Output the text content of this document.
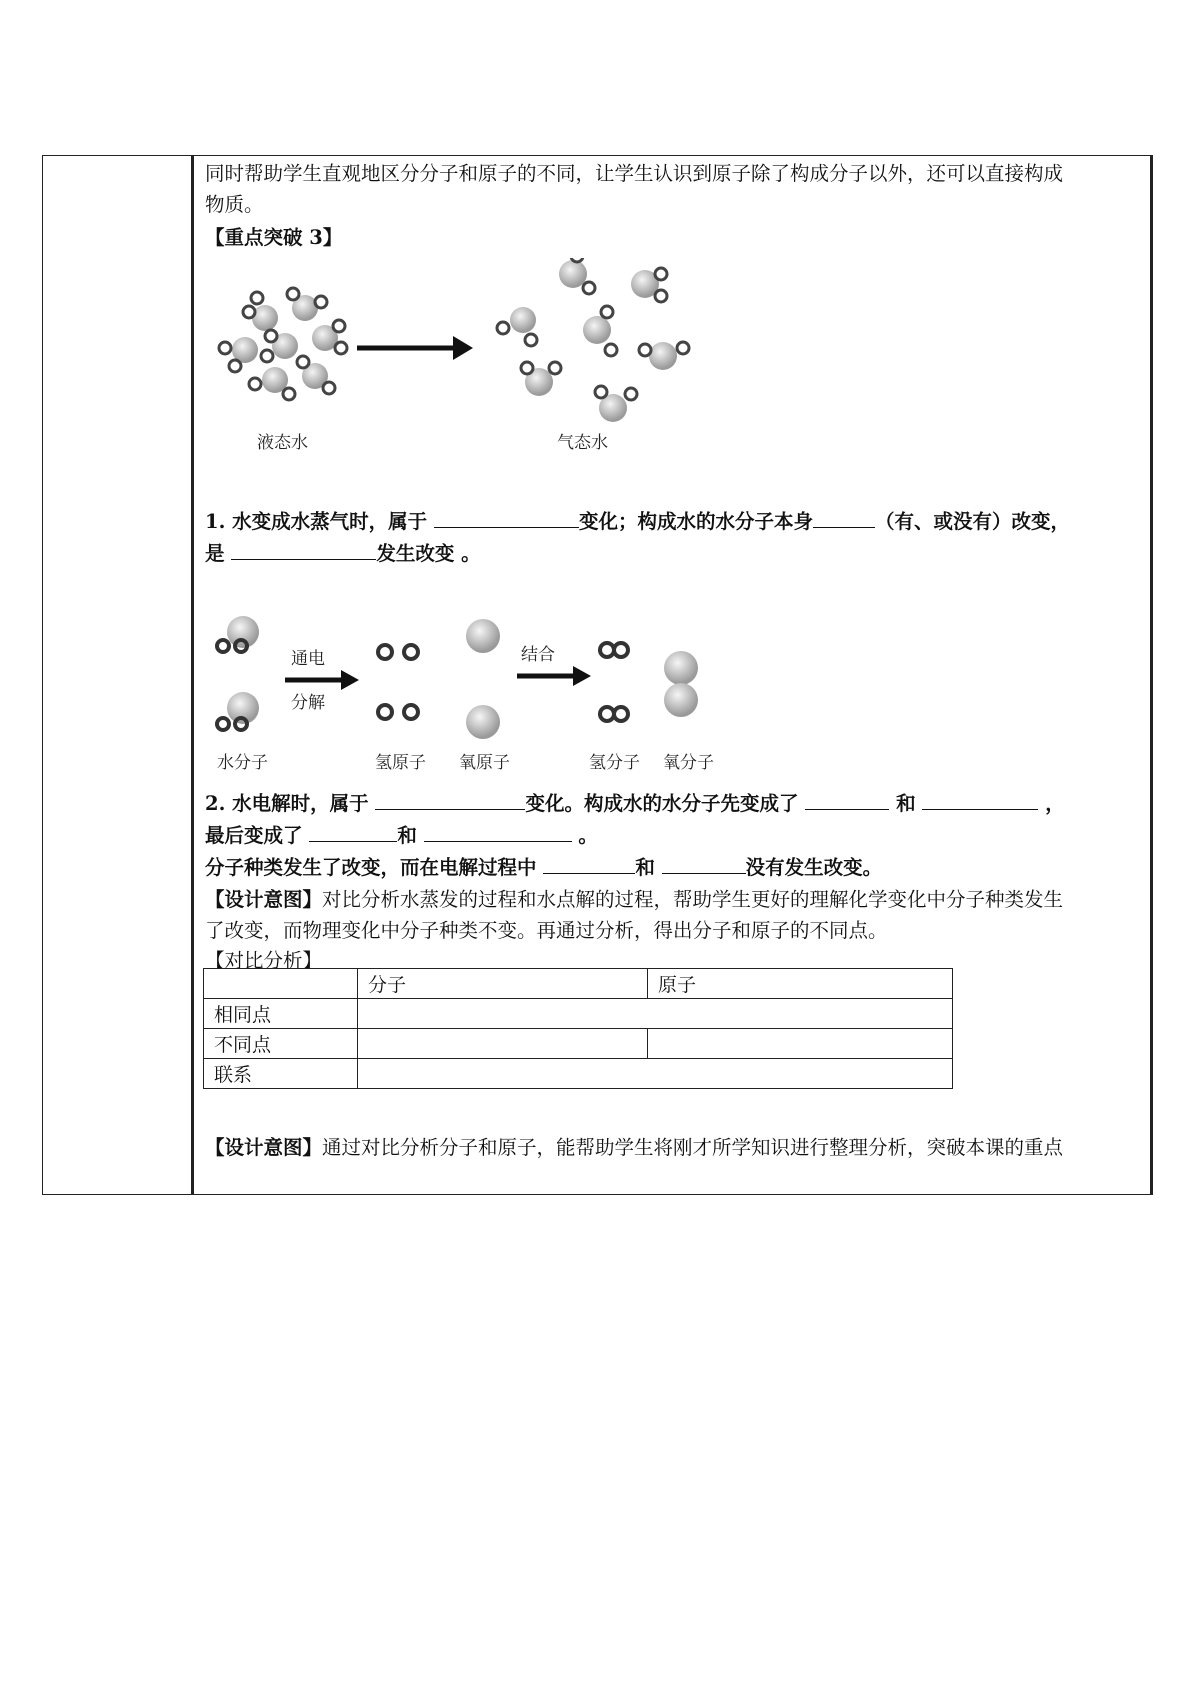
同时帮助学生直观地区分分子和原子的不同，让学生认识到原子除了构成分子以外，还可以直接构成
物质。
【重点突破 3】
液态水	气态水
1. 水变成水蒸气时，属于	变化；构成水的水分子本身	（有、或没有）改变，
是	发生改变 。
通电
分解
结合
水分子	氢原子 氧原子	氢分子 氧分子
2. 水电解时，属于	变化。构成水的水分子先变成了	和	，
最后变成了	和	。
分子种类发生了改变，而在电解过程中	和	没有发生改变。
【设计意图】对比分析水蒸发的过程和水点解的过程，帮助学生更好的理解化学变化中分子种类发生
了改变，而物理变化中分子种类不变。再通过分析，得出分子和原子的不同点。
【对比分析】
	分子	原子
相同点		
不同点		
联系		
【设计意图】通过对比分析分子和原子，能帮助学生将刚才所学知识进行整理分析，突破本课的重点
